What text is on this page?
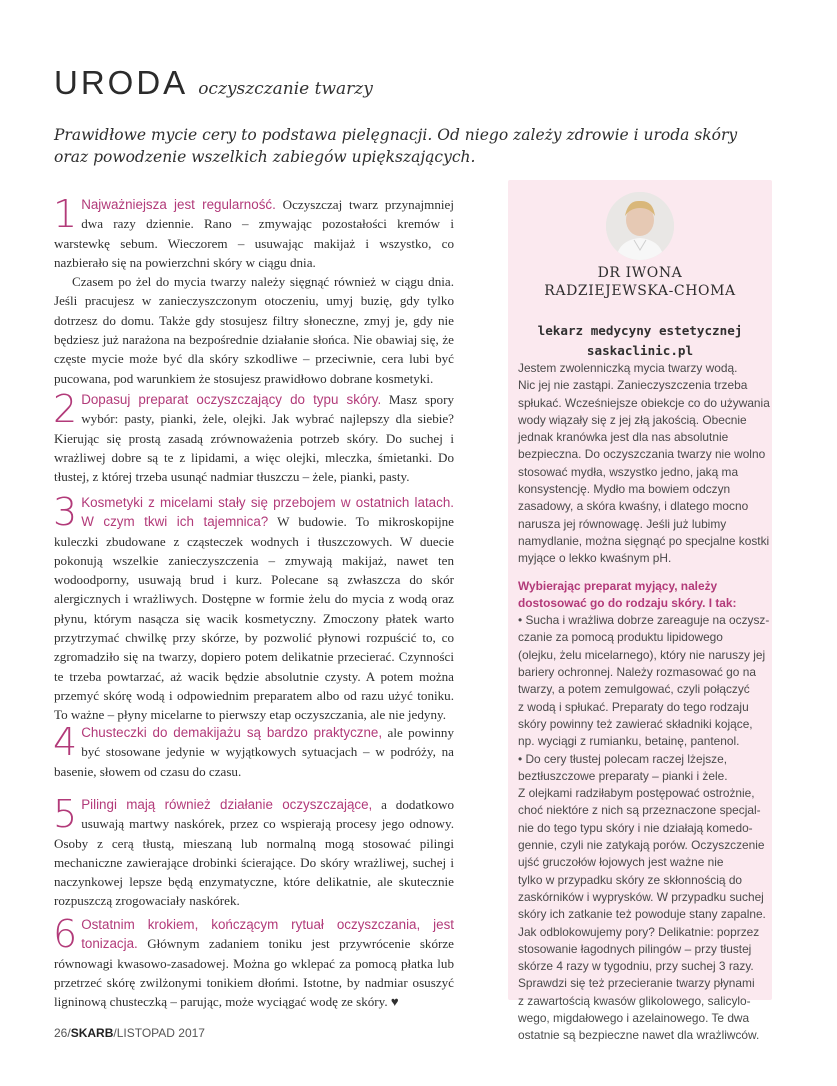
URODA oczyszczanie twarzy
Prawidłowe mycie cery to podstawa pielęgnacji. Od niego zależy zdrowie i uroda skóry
oraz powodzenie wszelkich zabiegów upiększających.

1 Najważniejsza jest regularność. Oczyszczaj twarz przynajmniej dwa razy dziennie. Rano – zmywając pozostałości kremów i warstewkę sebum. Wieczorem – usuwając makijaż i wszystko, co nazbierało się na powierzchni skóry w ciągu dnia.

Czasem po żel do mycia twarzy należy sięgnąć również w ciągu dnia. Jeśli pracujesz w zanieczyszczonym otoczeniu, umyj buzię, gdy tylko dotrzesz do domu. Także gdy stosujesz filtry słoneczne, zmyj je, gdy nie będziesz już narażona na bezpośrednie działanie słońca. Nie obawiaj się, że częste mycie może być dla skóry szkodliwe – przeciwnie, cera lubi być pucowana, pod warunkiem że stosujesz prawidłowo dobrane kosmetyki.

2 Dopasuj preparat oczyszczający do typu skóry. Masz spory wybór: pasty, pianki, żele, olejki. Jak wybrać najlepszy dla siebie? Kierując się prostą zasadą zrównoważenia potrzeb skóry. Do suchej i wrażliwej dobre są te z lipidami, a więc olejki, mleczka, śmietanki. Do tłustej, z której trzeba usunąć nadmiar tłuszczu – żele, pianki, pasty.

3 Kosmetyki z micelami stały się przebojem w ostatnich latach. W czym tkwi ich tajemnica? W budowie. To mikroskopijne kuleczki zbudowane z cząsteczek wodnych i tłuszczowych. W duecie pokonują wszelkie zanieczyszczenia – zmywają makijaż, nawet ten wodoodporny, usuwają brud i kurz. Polecane są zwłaszcza do skór alergicznych i wrażliwych. Dostępne w formie żelu do mycia z wodą oraz płynu, którym nasącza się wacik kosmetyczny. Zmoczony płatek warto przytrzymać chwilkę przy skórze, by pozwolić płynowi rozpuścić to, co zgromadziło się na twarzy, dopiero potem delikatnie przecierać. Czynności te trzeba powtarzać, aż wacik będzie absolutnie czysty. A potem można przemyć skórę wodą i odpowiednim preparatem albo od razu użyć toniku. To ważne – płyny micelarne to pierwszy etap oczyszczania, ale nie jedyny.

4 Chusteczki do demakijażu są bardzo praktyczne, ale powinny być stosowane jedynie w wyjątkowych sytuacjach – w podróży, na basenie, słowem od czasu do czasu.

5 Pilingi mają również działanie oczyszczające, a dodatkowo usuwają martwy naskórek, przez co wspierają procesy jego odnowy. Osoby z cerą tłustą, mieszaną lub normalną mogą stosować pilingi mechaniczne zawierające drobinki ścierające. Do skóry wrażliwej, suchej i naczynkowej lepsze będą enzymatyczne, które delikatnie, ale skutecznie rozpuszczą zrogowaciały naskórek.

6 Ostatnim krokiem, kończącym rytuał oczyszczania, jest tonizacja. Głównym zadaniem toniku jest przywrócenie skórze równowagi kwasowo-zasadowej. Można go wklepać za pomocą płatka lub przetrzeć skórę zwilżonymi tonikiem dłońmi. Istotne, by nadmiar osuszyć ligninową chusteczką – parując, może wyciągać wodę ze skóry. ♥

DR IWONA
RADZIEJEWSKA-CHOMA
lekarz medycyny estetycznej
saskaclinic.pl
Jestem zwolenniczką mycia twarzy wodą.
Nic jej nie zastąpi. Zanieczyszczenia trzeba
spłukać. Wcześniejsze obiekcje co do używania
wody wiązały się z jej złą jakością. Obecnie
jednak kranówka jest dla nas absolutnie
bezpieczna. Do oczyszczania twarzy nie wolno
stosować mydła, wszystko jedno, jaką ma
konsystencję. Mydło ma bowiem odczyn
zasadowy, a skóra kwaśny, i dlatego mocno
narusza jej równowagę. Jeśli już lubimy
namydlanie, można sięgnąć po specjalne kostki
myjące o lekko kwaśnym pH.
Wybierając preparat myjący, należy
dostosować go do rodzaju skóry. I tak:
• Sucha i wrażliwa dobrze zareaguje na oczysz-
czanie za pomocą produktu lipidowego
(olejku, żelu micelarnego), który nie naruszy jej
bariery ochronnej. Należy rozmasować go na
twarzy, a potem zemulgować, czyli połączyć
z wodą i spłukać. Preparaty do tego rodzaju
skóry powinny też zawierać składniki kojące,
np. wyciągi z rumianku, betainę, pantenol.
• Do cery tłustej polecam raczej lżejsze,
beztłuszczowe preparaty – pianki i żele.
Z olejkami radziłabym postępować ostrożnie,
choć niektóre z nich są przeznaczone specjal-
nie do tego typu skóry i nie działają komedo-
gennie, czyli nie zatykają porów. Oczyszczenie
ujść gruczołów łojowych jest ważne nie
tylko w przypadku skóry ze skłonnością do
zaskórników i wyprysków. W przypadku suchej
skóry ich zatkanie też powoduje stany zapalne.
Jak odblokowujemy pory? Delikatnie: poprzez
stosowanie łagodnych pilingów – przy tłustej
skórze 4 razy w tygodniu, przy suchej 3 razy.
Sprawdzi się też przecieranie twarzy płynami
z zawartością kwasów glikolowego, salicylo-
wego, migdałowego i azelainowego. Te dwa
ostatnie są bezpieczne nawet dla wrażliwców.
26/SKARB/LISTOPAD 2017
